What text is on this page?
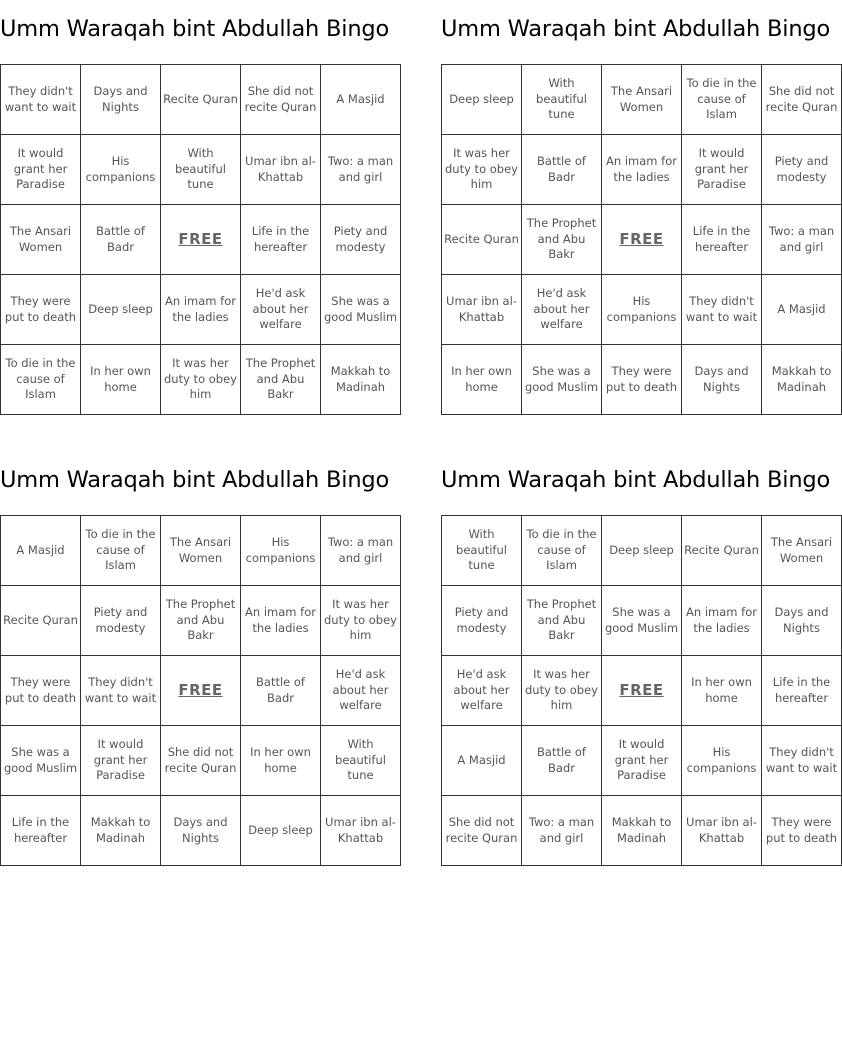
Umm Waraqah bint Abdullah Bingo
They didn't want to wait	Days and Nights	Recite Quran	She did not recite Quran	A Masjid
It would grant her Paradise	His companions	With beautiful tune	Umar ibn al-Khattab	Two: a man and girl
The Ansari Women	Battle of Badr	FREE	Life in the hereafter	Piety and modesty
They were put to death	Deep sleep	An imam for the ladies	He'd ask about her welfare	She was a good Muslim
To die in the cause of Islam	In her own home	It was her duty to obey him	The Prophet and Abu Bakr	Makkah to Madinah
Umm Waraqah bint Abdullah Bingo
Deep sleep	With beautiful tune	The Ansari Women	To die in the cause of Islam	She did not recite Quran
It was her duty to obey him	Battle of Badr	An imam for the ladies	It would grant her Paradise	Piety and modesty
Recite Quran	The Prophet and Abu Bakr	FREE	Life in the hereafter	Two: a man and girl
Umar ibn al-Khattab	He'd ask about her welfare	His companions	They didn't want to wait	A Masjid
In her own home	She was a good Muslim	They were put to death	Days and Nights	Makkah to Madinah
Umm Waraqah bint Abdullah Bingo
A Masjid	To die in the cause of Islam	The Ansari Women	His companions	Two: a man and girl
Recite Quran	Piety and modesty	The Prophet and Abu Bakr	An imam for the ladies	It was her duty to obey him
They were put to death	They didn't want to wait	FREE	Battle of Badr	He'd ask about her welfare
She was a good Muslim	It would grant her Paradise	She did not recite Quran	In her own home	With beautiful tune
Life in the hereafter	Makkah to Madinah	Days and Nights	Deep sleep	Umar ibn al-Khattab
Umm Waraqah bint Abdullah Bingo
With beautiful tune	To die in the cause of Islam	Deep sleep	Recite Quran	The Ansari Women
Piety and modesty	The Prophet and Abu Bakr	She was a good Muslim	An imam for the ladies	Days and Nights
He'd ask about her welfare	It was her duty to obey him	FREE	In her own home	Life in the hereafter
A Masjid	Battle of Badr	It would grant her Paradise	His companions	They didn't want to wait
She did not recite Quran	Two: a man and girl	Makkah to Madinah	Umar ibn al-Khattab	They were put to death
